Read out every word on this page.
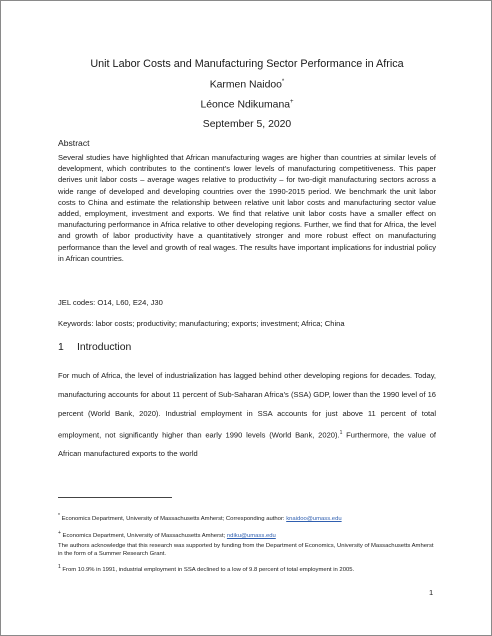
Unit Labor Costs and Manufacturing Sector Performance in Africa
Karmen Naidoo*
Léonce Ndikumana+
September 5, 2020
Abstract

Several studies have highlighted that African manufacturing wages are higher than countries at similar levels of development, which contributes to the continent's lower levels of manufacturing competitiveness. This paper derives unit labor costs – average wages relative to productivity – for two-digit manufacturing sectors across a wide range of developed and developing countries over the 1990-2015 period. We benchmark the unit labor costs to China and estimate the relationship between relative unit labor costs and manufacturing sector value added, employment, investment and exports. We find that relative unit labor costs have a smaller effect on manufacturing performance in Africa relative to other developing regions. Further, we find that for Africa, the level and growth of labor productivity have a quantitatively stronger and more robust effect on manufacturing performance than the level and growth of real wages. The results have important implications for industrial policy in African countries.

JEL codes: O14, L60, E24, J30

Keywords: labor costs; productivity; manufacturing; exports; investment; Africa; China

1 Introduction

For much of Africa, the level of industrialization has lagged behind other developing regions for decades. Today, manufacturing accounts for about 11 percent of Sub-Saharan Africa's (SSA) GDP, lower than the 1990 level of 16 percent (World Bank, 2020). Industrial employment in SSA accounts for just above 11 percent of total employment, not significantly higher than early 1990 levels (World Bank, 2020).$^1$ Furthermore, the value of African manufactured exports to the world

* Economics Department, University of Massachusetts Amherst; Corresponding author: knaidoo@umass.edu

+ Economics Department, University of Massachusetts Amherst; ndiku@umass.edu

The authors acknowledge that this research was supported by funding from the Department of Economics, University of Massachusetts Amherst in the form of a Summer Research Grant.

$^1$ From 10.9% in 1991, industrial employment in SSA declined to a low of 9.8 percent of total employment in 2005.

1
